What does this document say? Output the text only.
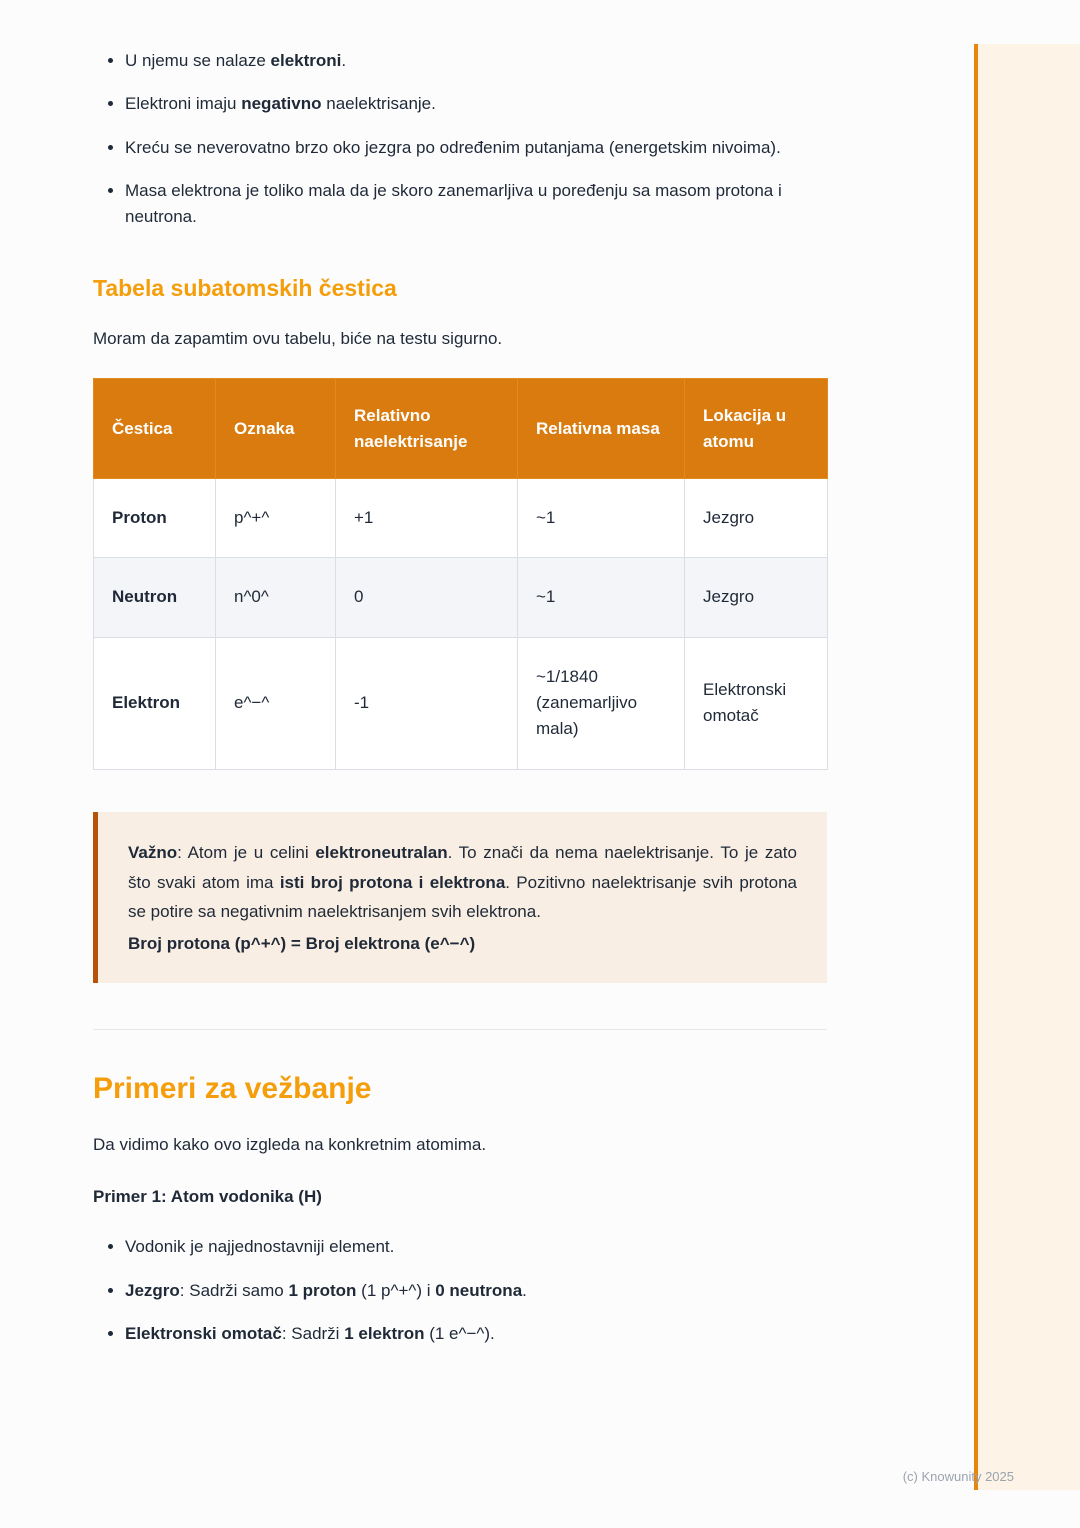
• U njemu se nalaze elektroni.
• Elektroni imaju negativno naelektrisanje.
• Kreću se neverovatno brzo oko jezgra po određenim putanjama (energetskim nivoima).
• Masa elektrona je toliko mala da je skoro zanemarljiva u poređenju sa masom protona i neutrona.
Tabela subatomskih čestica

Moram da zapamtim ovu tabelu, biće na testu sigurno.

Čestica	Oznaka	Relativno naelektrisanje	Relativna masa	Lokacija u atomu
Proton	p^+^	+1	~1	Jezgro
Neutron	n^0^	0	~1	Jezgro
Elektron	e^−^	-1	~1/1840 (zanemarljivo mala)	Elektronski omotač

Važno: Atom je u celini elektroneutralan. To znači da nema naelektrisanje. To je zato što svaki atom ima isti broj protona i elektrona. Pozitivno naelektrisanje svih protona se potire sa negativnim naelektrisanjem svih elektrona.

Broj protona (p^+^) = Broj elektrona (e^−^)

Primeri za vežbanje

Da vidimo kako ovo izgleda na konkretnim atomima.

Primer 1: Atom vodonika (H)

• Vodonik je najjednostavniji element.
• Jezgro: Sadrži samo 1 proton (1 p^+^) i 0 neutrona.
• Elektronski omotač: Sadrži 1 elektron (1 e^−^).
(c) Knowunity 2025
